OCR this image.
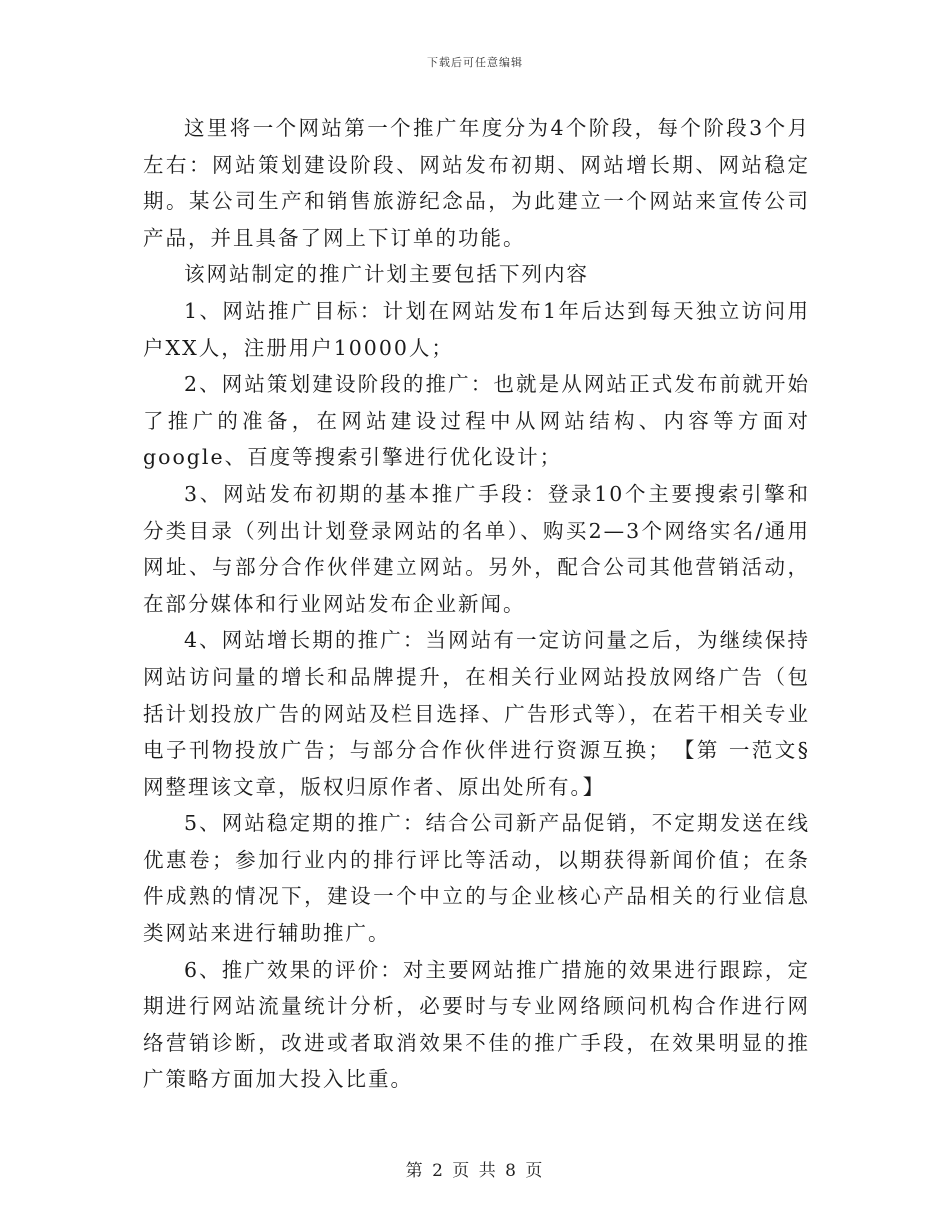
下载后可任意编辑

这里将一个网站第一个推广年度分为4个阶段，每个阶段3个月左右：网站策划建设阶段、网站发布初期、网站增长期、网站稳定期。某公司生产和销售旅游纪念品，为此建立一个网站来宣传公司产品，并且具备了网上下订单的功能。

该网站制定的推广计划主要包括下列内容

1、网站推广目标：计划在网站发布1年后达到每天独立访问用户XX人，注册用户10000人；

2、网站策划建设阶段的推广：也就是从网站正式发布前就开始了推广的准备，在网站建设过程中从网站结构、内容等方面对google、百度等搜索引擎进行优化设计；

3、网站发布初期的基本推广手段：登录10个主要搜索引擎和分类目录（列出计划登录网站的名单）、购买2—3个网络实名/通用网址、与部分合作伙伴建立网站。另外，配合公司其他营销活动，在部分媒体和行业网站发布企业新闻。

4、网站增长期的推广：当网站有一定访问量之后，为继续保持网站访问量的增长和品牌提升，在相关行业网站投放网络广告（包括计划投放广告的网站及栏目选择、广告形式等），在若干相关专业电子刊物投放广告；与部分合作伙伴进行资源互换；　【第 一范文§网整理该文章，版权归原作者、原出处所有。】

5、网站稳定期的推广：结合公司新产品促销，不定期发送在线优惠卷；参加行业内的排行评比等活动，以期获得新闻价值；在条件成熟的情况下，建设一个中立的与企业核心产品相关的行业信息类网站来进行辅助推广。

6、推广效果的评价：对主要网站推广措施的效果进行跟踪，定期进行网站流量统计分析，必要时与专业网络顾问机构合作进行网络营销诊断，改进或者取消效果不佳的推广手段，在效果明显的推广策略方面加大投入比重。

第 2 页 共 8 页
